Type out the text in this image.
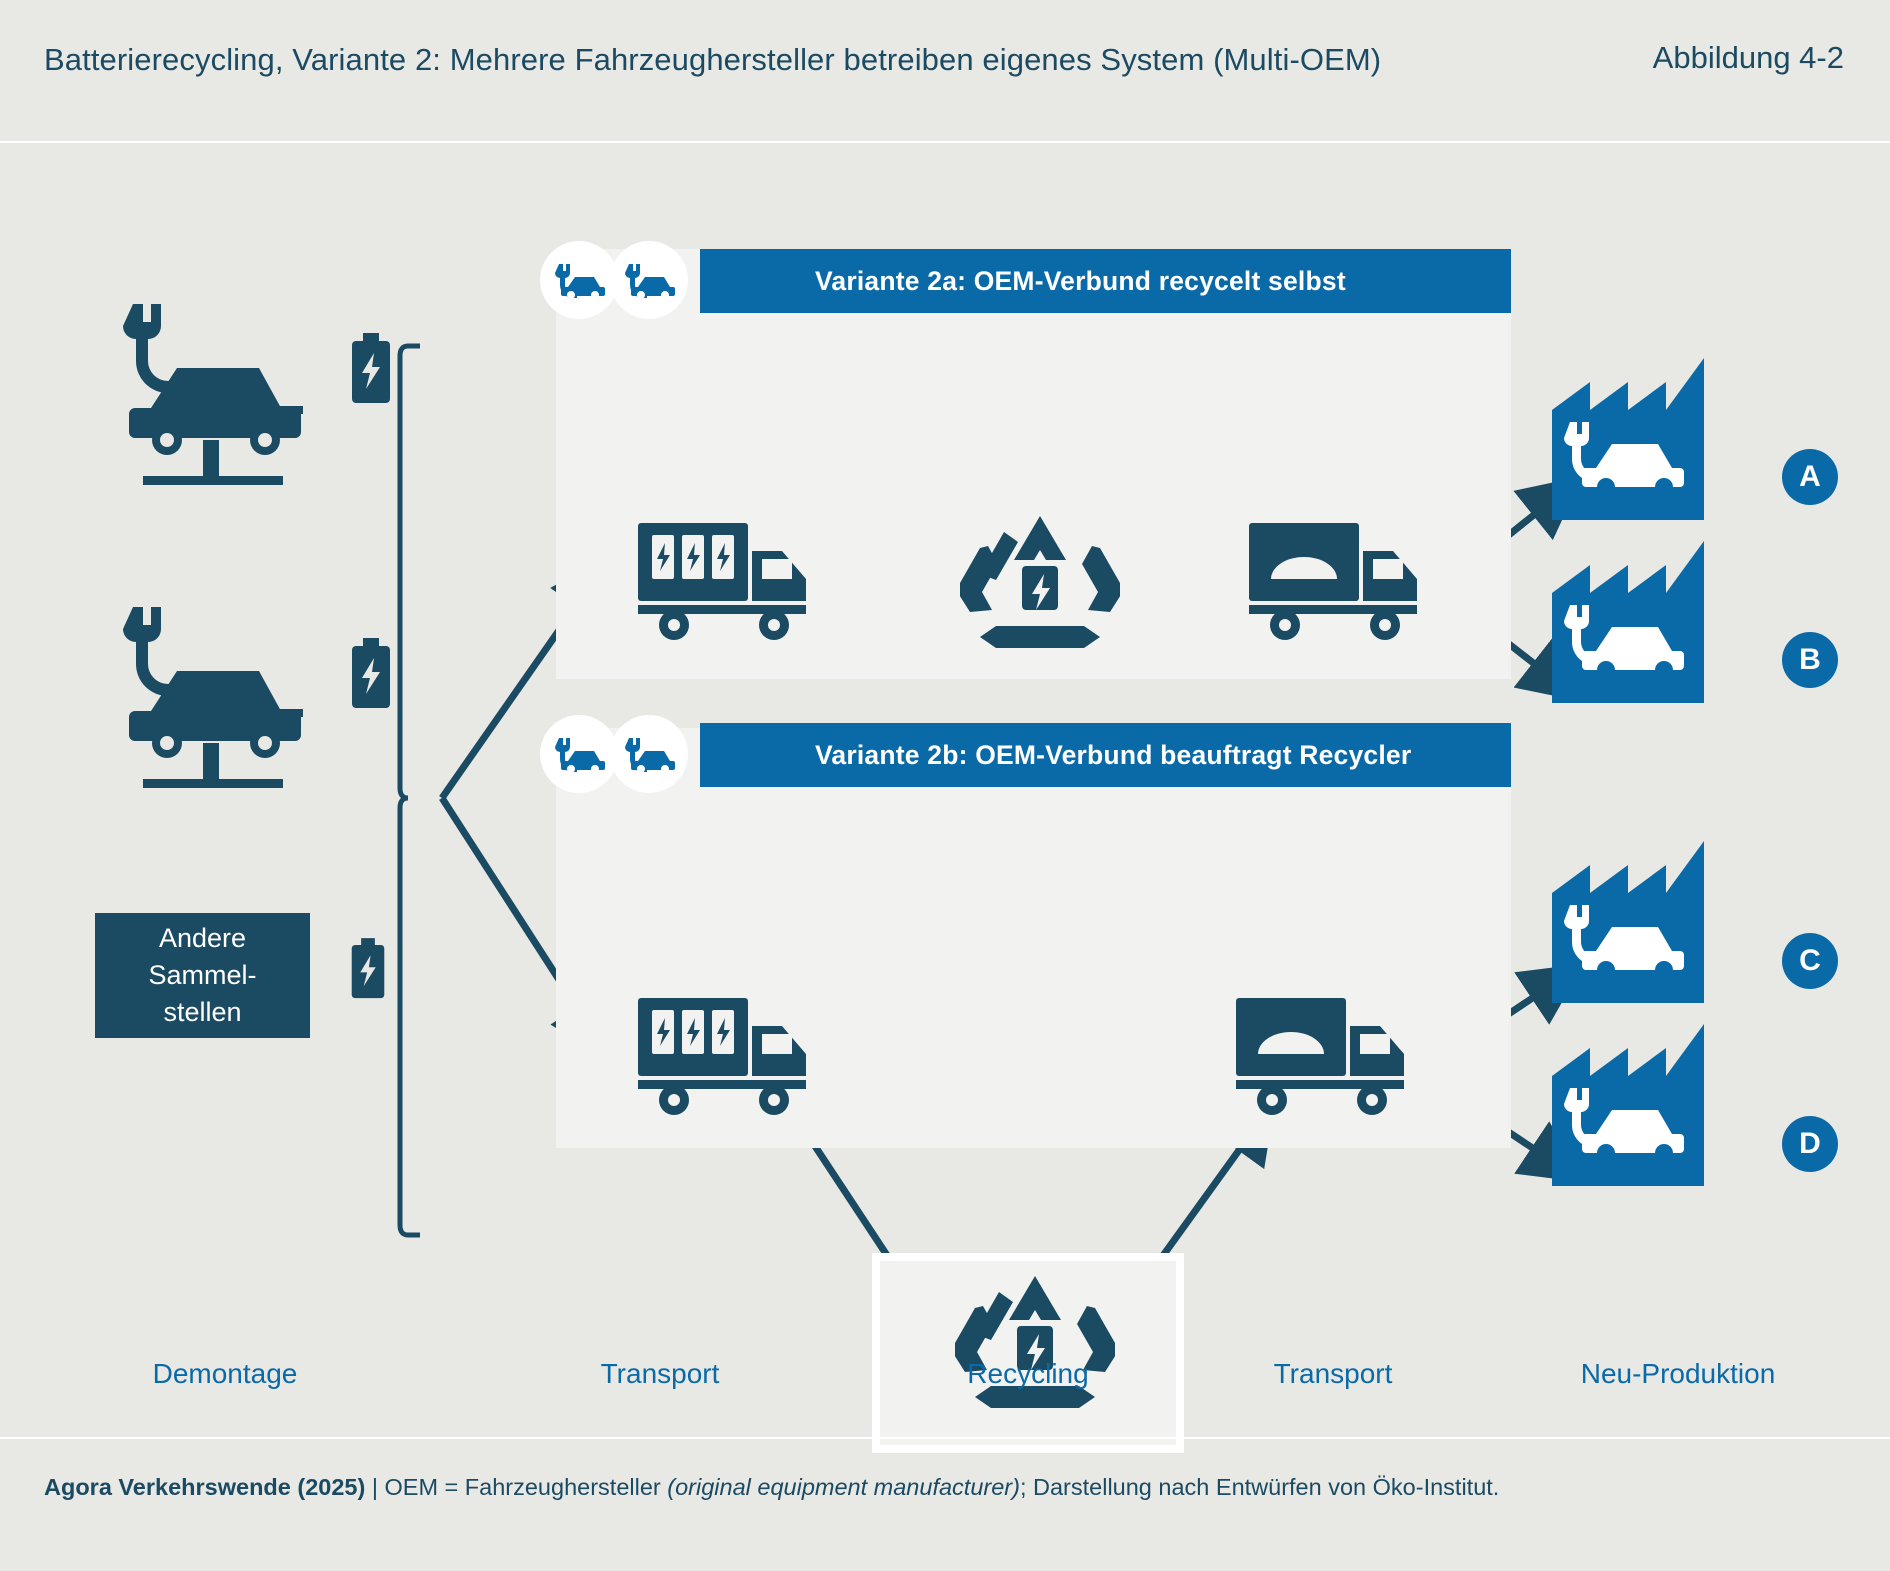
Batterierecycling, Variante 2: Mehrere Fahrzeughersteller betreiben eigenes System (Multi-OEM)	Abbildung 4-2
Andere
Sammel-
stellen
Variante 2a: OEM-Verbund recycelt selbst
Variante 2b: OEM-Verbund beauftragt Recycler
A
B
C
D
Demontage	Transport	Recycling	Transport	Neu-Produktion
Agora Verkehrswende (2025) | OEM = Fahrzeughersteller (original equipment manufacturer); Darstellung nach Entwürfen von Öko-Institut.
